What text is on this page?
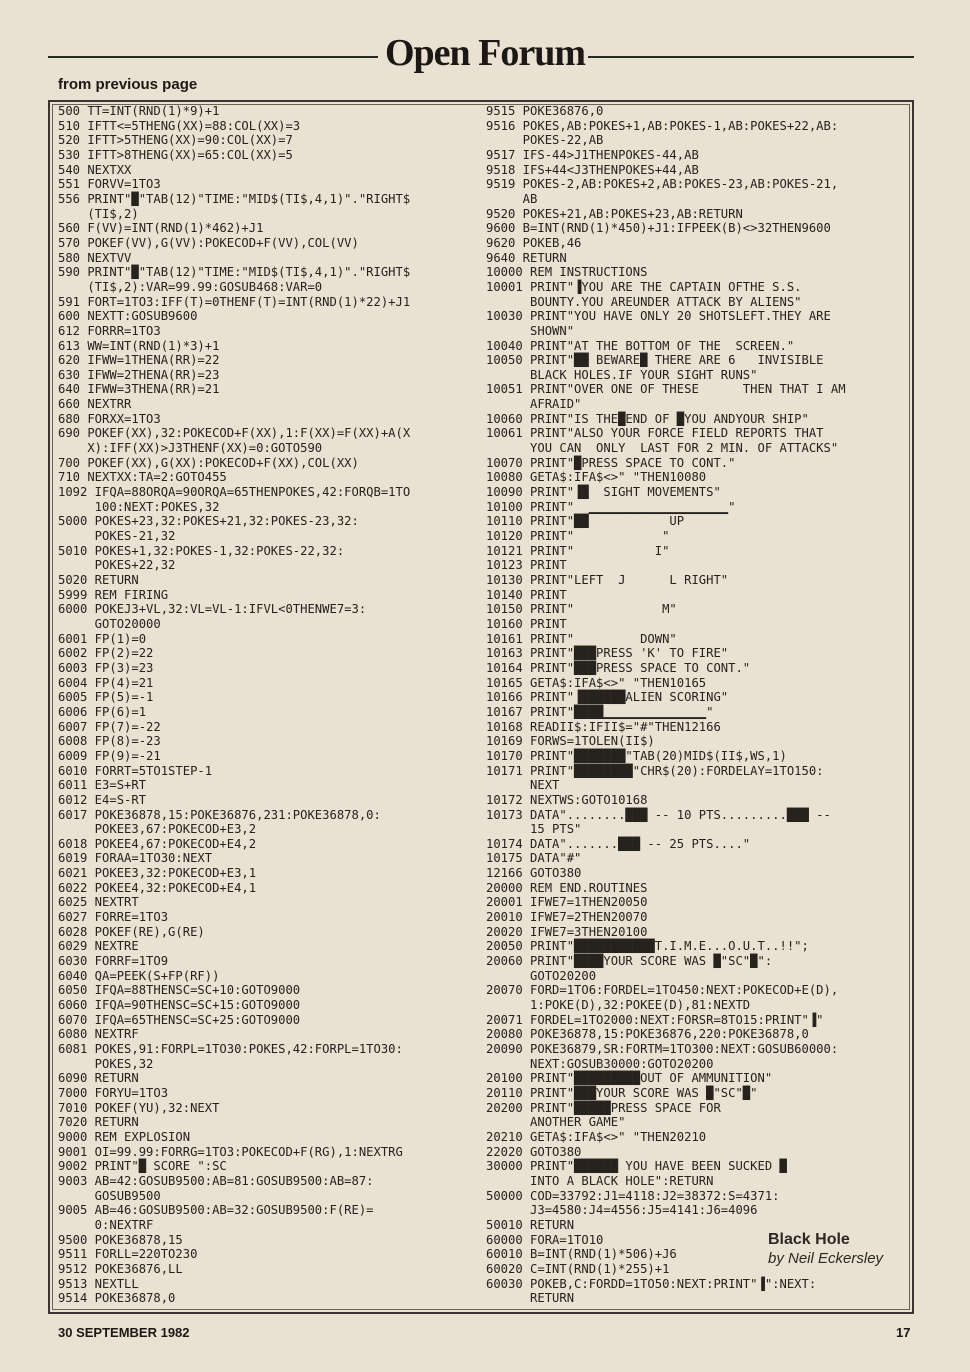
Open Forum
from previous page
500 TT=INT(RND(1)*9)+1
510 IFTT<=5THENG(XX)=88:COL(XX)=3
520 IFTT>5THENG(XX)=90:COL(XX)=7
530 IFTT>8THENG(XX)=65:COL(XX)=5
540 NEXTXX
551 FORVV=1TO3
556 PRINT"█"TAB(12)"TIME:"MID$(TI$,4,1)"."RIGHT$
(TI$,2)
560 F(VV)=INT(RND(1)*462)+J1
570 POKEF(VV),G(VV):POKECOD+F(VV),COL(VV)
580 NEXTVV
590 PRINT"█"TAB(12)"TIME:"MID$(TI$,4,1)"."RIGHT$
(TI$,2):VAR=99.99:GOSUB468:VAR=0
591 FORT=1TO3:IFF(T)=0THENF(T)=INT(RND(1)*22)+J1
600 NEXTT:GOSUB9600
612 FORRR=1TO3
613 WW=INT(RND(1)*3)+1
620 IFWW=1THENA(RR)=22
630 IFWW=2THENA(RR)=23
640 IFWW=3THENA(RR)=21
660 NEXTRR
680 FORXX=1TO3
690 POKEF(XX),32:POKECOD+F(XX),1:F(XX)=F(XX)+A(X
X):IFF(XX)>J3THENF(XX)=0:GOTO590
700 POKEF(XX),G(XX):POKECOD+F(XX),COL(XX)
710 NEXTXX:TA=2:GOTO455
1092 IFQA=88ORQA=90ORQA=65THENPOKES,42:FORQB=1TO
100:NEXT:POKES,32
5000 POKES+23,32:POKES+21,32:POKES-23,32:
POKES-21,32
5010 POKES+1,32:POKES-1,32:POKES-22,32:
POKES+22,32
5020 RETURN
5999 REM FIRING
6000 POKEJ3+VL,32:VL=VL-1:IFVL<0THENWE7=3:
GOTO20000
6001 FP(1)=0
6002 FP(2)=22
6003 FP(3)=23
6004 FP(4)=21
6005 FP(5)=-1
6006 FP(6)=1
6007 FP(7)=-22
6008 FP(8)=-23
6009 FP(9)=-21
6010 FORRT=5TO1STEP-1
6011 E3=S+RT
6012 E4=S-RT
6017 POKE36878,15:POKE36876,231:POKE36878,0:
POKEE3,67:POKECOD+E3,2
6018 POKEE4,67:POKECOD+E4,2
6019 FORAA=1TO30:NEXT
6021 POKEE3,32:POKECOD+E3,1
6022 POKEE4,32:POKECOD+E4,1
6025 NEXTRT
6027 FORRE=1TO3
6028 POKEF(RE),G(RE)
6029 NEXTRE
6030 FORRF=1TO9
6040 QA=PEEK(S+FP(RF))
6050 IFQA=88THENSC=SC+10:GOTO9000
6060 IFQA=90THENSC=SC+15:GOTO9000
6070 IFQA=65THENSC=SC+25:GOTO9000
6080 NEXTRF
6081 POKES,91:FORPL=1TO30:POKES,42:FORPL=1TO30:
POKES,32
6090 RETURN
7000 FORYU=1TO3
7010 POKEF(YU),32:NEXT
7020 RETURN
9000 REM EXPLOSION
9001 OI=99.99:FORRG=1TO3:POKECOD+F(RG),1:NEXTRG
9002 PRINT"█ SCORE ":SC
9003 AB=42:GOSUB9500:AB=81:GOSUB9500:AB=87:
GOSUB9500
9005 AB=46:GOSUB9500:AB=32:GOSUB9500:F(RE)=
0:NEXTRF
9500 POKE36878,15
9511 FORLL=220TO230
9512 POKE36876,LL
9513 NEXTLL
9514 POKE36878,0
9515 POKE36876,0
9516 POKES,AB:POKES+1,AB:POKES-1,AB:POKES+22,AB:
POKES-22,AB
9517 IFS-44>J1THENPOKES-44,AB
9518 IFS+44<J3THENPOKES+44,AB
9519 POKES-2,AB:POKES+2,AB:POKES-23,AB:POKES-21,
AB
9520 POKES+21,AB:POKES+23,AB:RETURN
9600 B=INT(RND(1)*450)+J1:IFPEEK(B)<>32THEN9600
9620 POKEB,46
9640 RETURN
10000 REM INSTRUCTIONS
10001 PRINT"▐YOU ARE THE CAPTAIN OFTHE S.S.
BOUNTY.YOU AREUNDER ATTACK BY ALIENS"
10030 PRINT"YOU HAVE ONLY 20 SHOTSLEFT.THEY ARE
SHOWN"
10040 PRINT"AT THE BOTTOM OF THE  SCREEN."
10050 PRINT"██ BEWARE█ THERE ARE 6   INVISIBLE
BLACK HOLES.IF YOUR SIGHT RUNS"
10051 PRINT"OVER ONE OF THESE      THEN THAT I AM
AFRAID"
10060 PRINT"IS THE█END OF █YOU ANDYOUR SHIP"
10061 PRINT"ALSO YOUR FORCE FIELD REPORTS THAT
YOU CAN  ONLY  LAST FOR 2 MIN. OF ATTACKS"
10070 PRINT"█PRESS SPACE TO CONT."
10080 GETA$:IFA$<>" "THEN10080
10090 PRINT"▐█  SIGHT MOVEMENTS"
10100 PRINT"  ▁▁▁▁▁▁▁▁▁▁▁▁▁▁▁▁▁▁▁"
10110 PRINT"██           UP
10120 PRINT"            "
10121 PRINT"           I"
10123 PRINT
10130 PRINT"LEFT  J      L RIGHT"
10140 PRINT
10150 PRINT"            M"
10160 PRINT
10161 PRINT"         DOWN"
10163 PRINT"███PRESS 'K' TO FIRE"
10164 PRINT"███PRESS SPACE TO CONT."
10165 GETA$:IFA$<>" "THEN10165
10166 PRINT"▐██████ALIEN SCORING"
10167 PRINT"████▁▁▁▁▁▁▁▁▁▁▁▁▁▁"
10168 READII$:IFII$="#"THEN12166
10169 FORWS=1TOLEN(II$)
10170 PRINT"███████"TAB(20)MID$(II$,WS,1)
10171 PRINT"████████"CHR$(20):FORDELAY=1TO150:
NEXT
10172 NEXTWS:GOTO10168
10173 DATA"........███ -- 10 PTS.........███ --
15 PTS"
10174 DATA".......███ -- 25 PTS...."
10175 DATA"#"
12166 GOTO380
20000 REM END.ROUTINES
20001 IFWE7=1THEN20050
20010 IFWE7=2THEN20070
20020 IFWE7=3THEN20100
20050 PRINT"███████████T.I.M.E...O.U.T..!!";
20060 PRINT"████YOUR SCORE WAS █"SC"█":
GOTO20200
20070 FORD=1TO6:FORDEL=1TO450:NEXT:POKECOD+E(D),
1:POKE(D),32:POKEE(D),81:NEXTD
20071 FORDEL=1TO2000:NEXT:FORSR=8TO15:PRINT"▐"
20080 POKE36878,15:POKE36876,220:POKE36878,0
20090 POKE36879,SR:FORTM=1TO300:NEXT:GOSUB60000:
NEXT:GOSUB30000:GOTO20200
20100 PRINT"█████████OUT OF AMMUNITION"
20110 PRINT"███YOUR SCORE WAS █"SC"█"
20200 PRINT"█████PRESS SPACE FOR
ANOTHER GAME"
20210 GETA$:IFA$<>" "THEN20210
22020 GOTO380
30000 PRINT"██████ YOU HAVE BEEN SUCKED █
INTO A BLACK HOLE":RETURN
50000 COD=33792:J1=4118:J2=38372:S=4371:
J3=4580:J4=4556:J5=4141:J6=4096
50010 RETURN
60000 FORA=1TO10
60010 B=INT(RND(1)*506)+J6
60020 C=INT(RND(1)*255)+1
60030 POKEB,C:FORDD=1TO50:NEXT:PRINT"▐":NEXT:
RETURN
Black Hole
by Neil Eckersley
30 SEPTEMBER 1982	17
